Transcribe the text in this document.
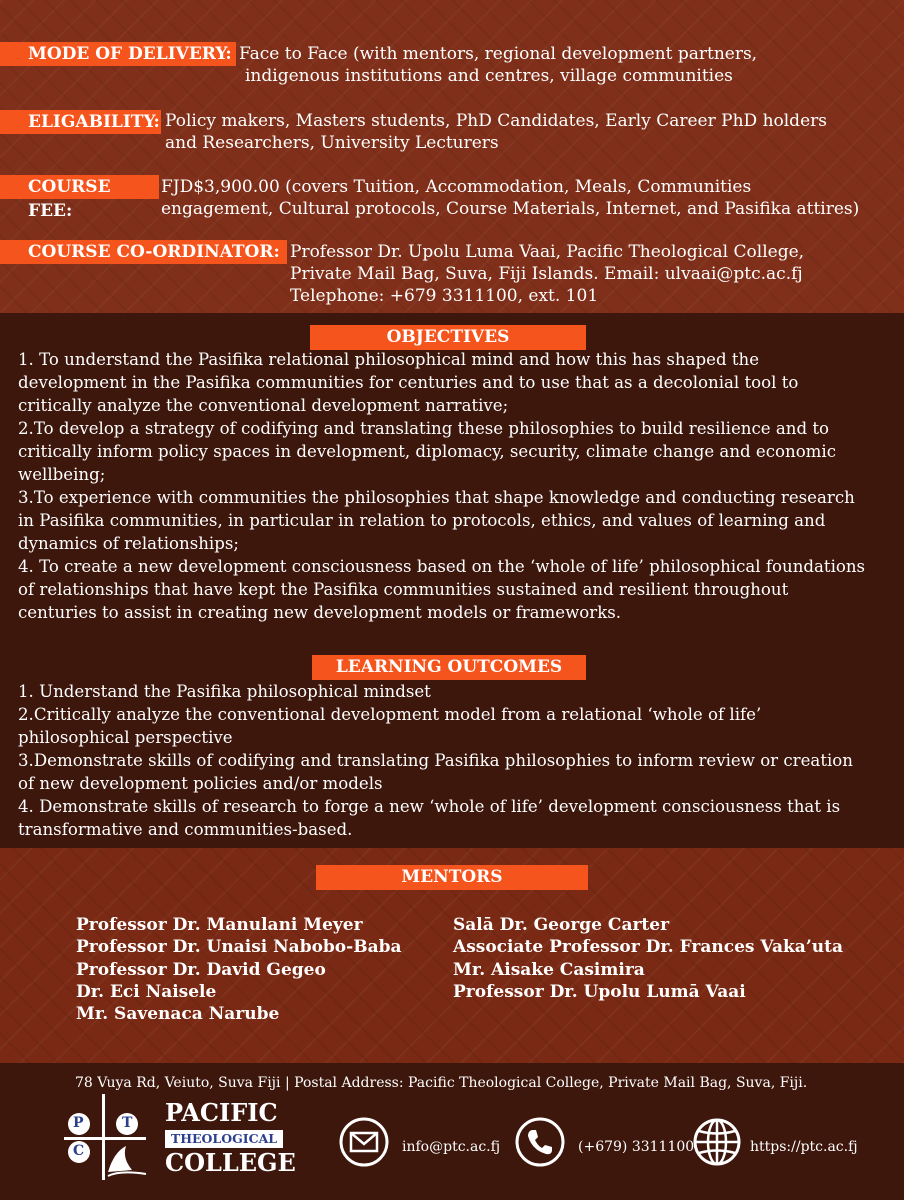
MODE OF DELIVERY: Face to Face (with mentors, regional development partners,
indigenous institutions and centres, village communities
ELIGABILITY: Policy makers, Masters students, PhD Candidates, Early Career PhD holders
and Researchers, University Lecturers
COURSE FEE:
FJD$3,900.00 (covers Tuition, Accommodation, Meals, Communities
engagement, Cultural protocols, Course Materials, Internet, and Pasifika attires)
COURSE CO-ORDINATOR: Professor Dr. Upolu Luma Vaai, Pacific Theological College,
Private Mail Bag, Suva, Fiji Islands. Email: ulvaai@ptc.ac.fj
Telephone: +679 3311100, ext. 101
OBJECTIVES
1. To understand the Pasifika relational philosophical mind and how this has shaped the
development in the Pasifika communities for centuries and to use that as a decolonial tool to
critically analyze the conventional development narrative;
2.To develop a strategy of codifying and translating these philosophies to build resilience and to
critically inform policy spaces in development, diplomacy, security, climate change and economic
wellbeing;
3.To experience with communities the philosophies that shape knowledge and conducting research
in Pasifika communities, in particular in relation to protocols, ethics, and values of learning and
dynamics of relationships;
4. To create a new development consciousness based on the ‘whole of life’ philosophical foundations
of relationships that have kept the Pasifika communities sustained and resilient throughout
centuries to assist in creating new development models or frameworks.
LEARNING OUTCOMES
1. Understand the Pasifika philosophical mindset
2.Critically analyze the conventional development model from a relational ‘whole of life’
philosophical perspective
3.Demonstrate skills of codifying and translating Pasifika philosophies to inform review or creation
of new development policies and/or models
4. Demonstrate skills of research to forge a new ‘whole of life’ development consciousness that is
transformative and communities-based.
MENTORS
Professor Dr. Manulani Meyer
Professor Dr. Unaisi Nabobo-Baba
Professor Dr. David Gegeo
Dr. Eci Naisele
Mr. Savenaca Narube
Salā Dr. George Carter
Associate Professor Dr. Frances Vaka’uta
Mr. Aisake Casimira
Professor Dr. Upolu Lumā Vaai
78 Vuya Rd, Veiuto, Suva Fiji | Postal Address: Pacific Theological College, Private Mail Bag, Suva, Fiji.
P	T
C
PACIFIC
THEOLOGICAL
COLLEGE
info@ptc.ac.fj	(+679) 3311100	https://ptc.ac.fj
